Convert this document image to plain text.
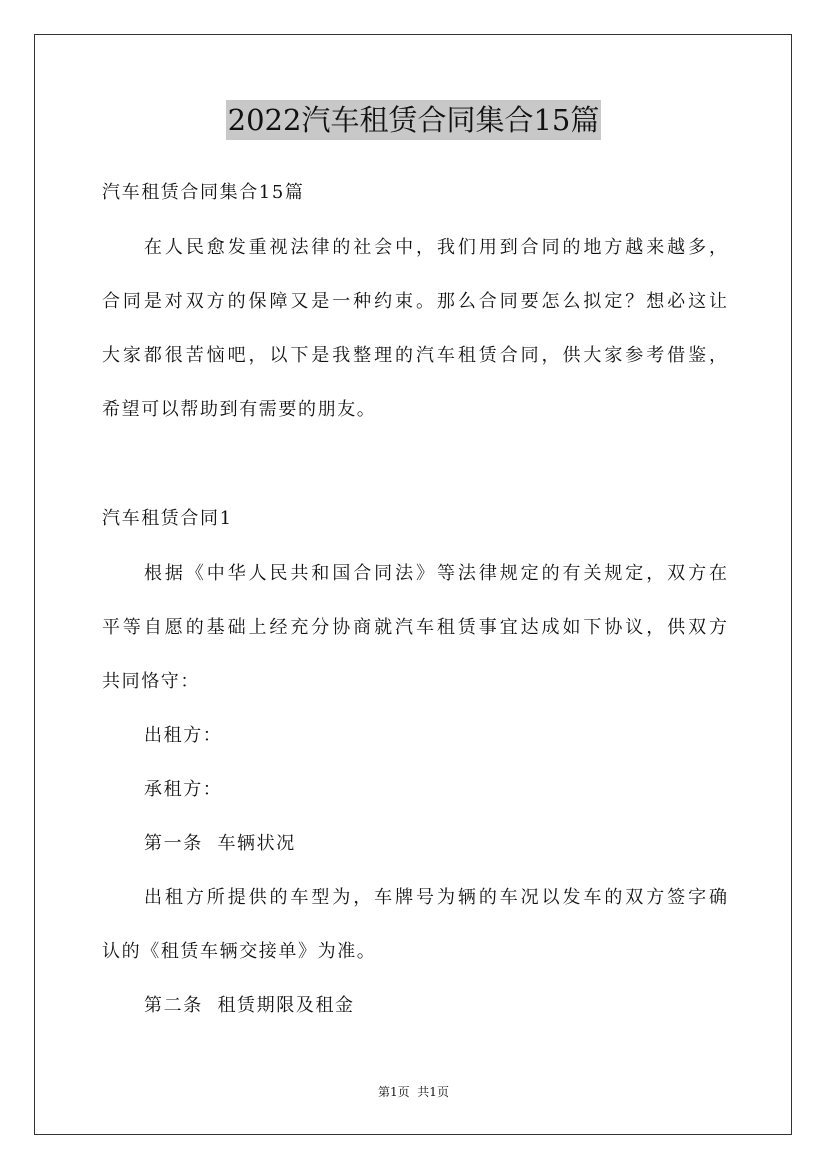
2022汽车租赁合同集合15篇
汽车租赁合同集合15篇
在人民愈发重视法律的社会中，我们用到合同的地方越来越多，
合同是对双方的保障又是一种约束。那么合同要怎么拟定？想必这让
大家都很苦恼吧，以下是我整理的汽车租赁合同，供大家参考借鉴，
希望可以帮助到有需要的朋友。
汽车租赁合同1
根据《中华人民共和国合同法》等法律规定的有关规定，双方在
平等自愿的基础上经充分协商就汽车租赁事宜达成如下协议，供双方
共同恪守：
出租方：
承租方：
第一条  车辆状况
出租方所提供的车型为，车牌号为辆的车况以发车的双方签字确
认的《租赁车辆交接单》为准。
第二条  租赁期限及租金
第1页  共1页
